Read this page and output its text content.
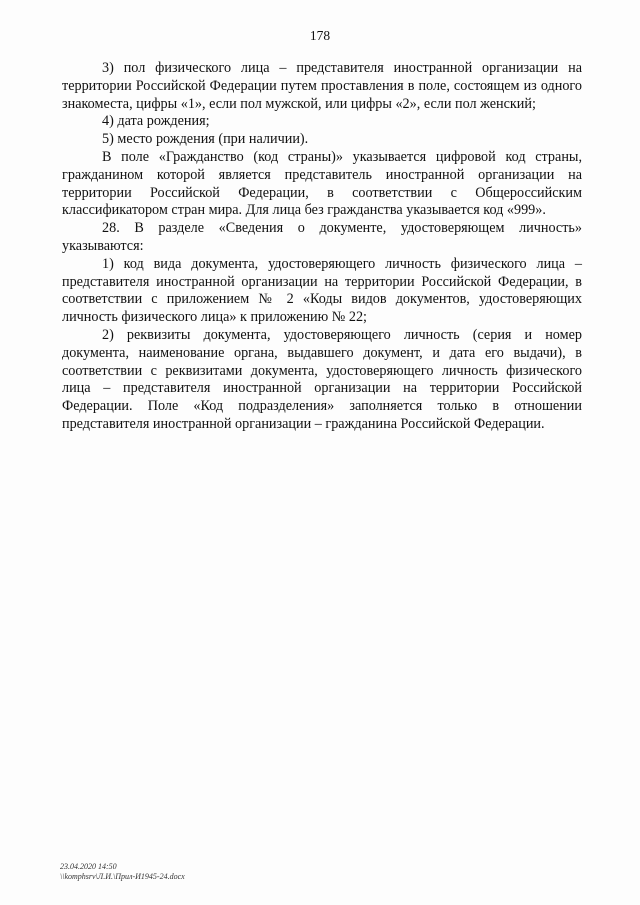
178

3) пол физического лица – представителя иностранной организации на территории Российской Федерации путем проставления в поле, состоящем из одного знакоместа, цифры «1», если пол мужской, или цифры «2», если пол женский;

4) дата рождения;

5) место рождения (при наличии).

В поле «Гражданство (код страны)» указывается цифровой код страны, гражданином которой является представитель иностранной организации на территории Российской Федерации, в соответствии с Общероссийским классификатором стран мира. Для лица без гражданства указывается код «999».

28. В разделе «Сведения о документе, удостоверяющем личность» указываются:

1) код вида документа, удостоверяющего личность физического лица – представителя иностранной организации на территории Российской Федерации, в соответствии с приложением № 2 «Коды видов документов, удостоверяющих личность физического лица» к приложению № 22;

2) реквизиты документа, удостоверяющего личность (серия и номер документа, наименование органа, выдавшего документ, и дата его выдачи), в соответствии с реквизитами документа, удостоверяющего личность физического лица – представителя иностранной организации на территории Российской Федерации. Поле «Код подразделения» заполняется только в отношении представителя иностранной организации – гражданина Российской Федерации.

23.04.2020 14:50
\\komphsrv\Л.И.\Прил-И1945-24.docx
